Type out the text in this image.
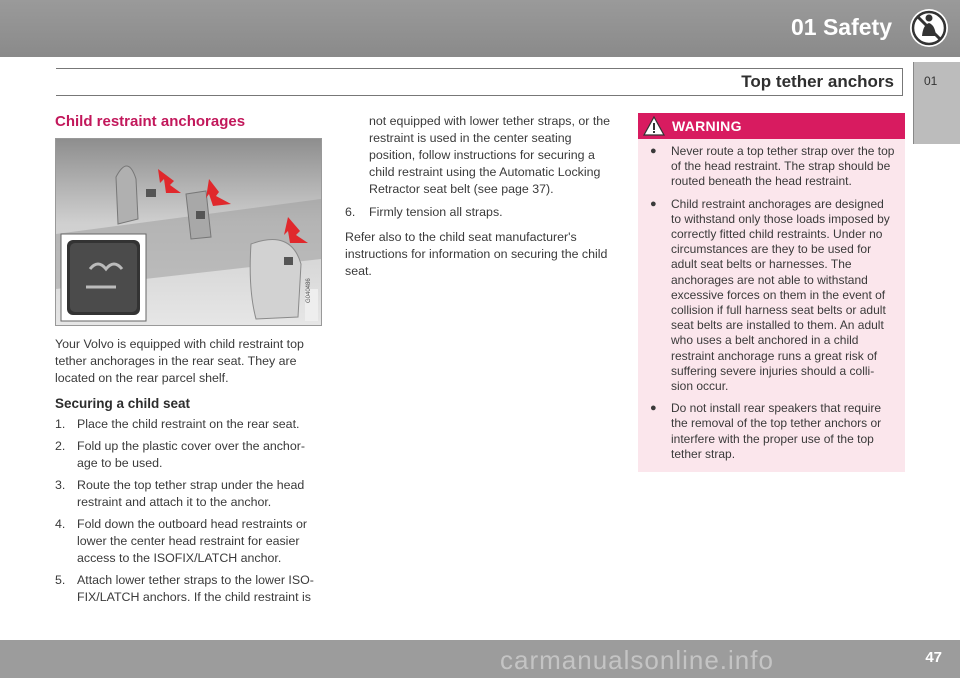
01 Safety
Top tether anchors	01
Child restraint anchorages
G040486

Your Volvo is equipped with child restraint top tether anchorages in the rear seat. They are located on the rear parcel shelf.

Securing a child seat
1. Place the child restraint on the rear seat.
2. Fold up the plastic cover over the anchor-age to be used.
3. Route the top tether strap under the head restraint and attach it to the anchor.
4. Fold down the outboard head restraints or lower the center head restraint for easier access to the ISOFIX/LATCH anchor.
5. Attach lower tether straps to the lower ISO-FIX/LATCH anchors. If the child restraint is

not equipped with lower tether straps, or the restraint is used in the center seating position, follow instructions for securing a child restraint using the Automatic Locking Retractor seat belt (see page 37).

6. Firmly tension all straps.

Refer also to the child seat manufacturer's instructions for information on securing the child seat.

WARNING
● Never route a top tether strap over the top of the head restraint. The strap should be routed beneath the head restraint.
● Child restraint anchorages are designed to withstand only those loads imposed by correctly fitted child restraints. Under no circumstances are they to be used for adult seat belts or harnesses. The anchorages are not able to withstand excessive forces on them in the event of collision if full harness seat belts or adult seat belts are installed to them. An adult who uses a belt anchored in a child restraint anchorage runs a great risk of suffering severe injuries should a colli-sion occur.
● Do not install rear speakers that require the removal of the top tether anchors or interfere with the proper use of the top tether strap.
47
carmanualsonline.info
